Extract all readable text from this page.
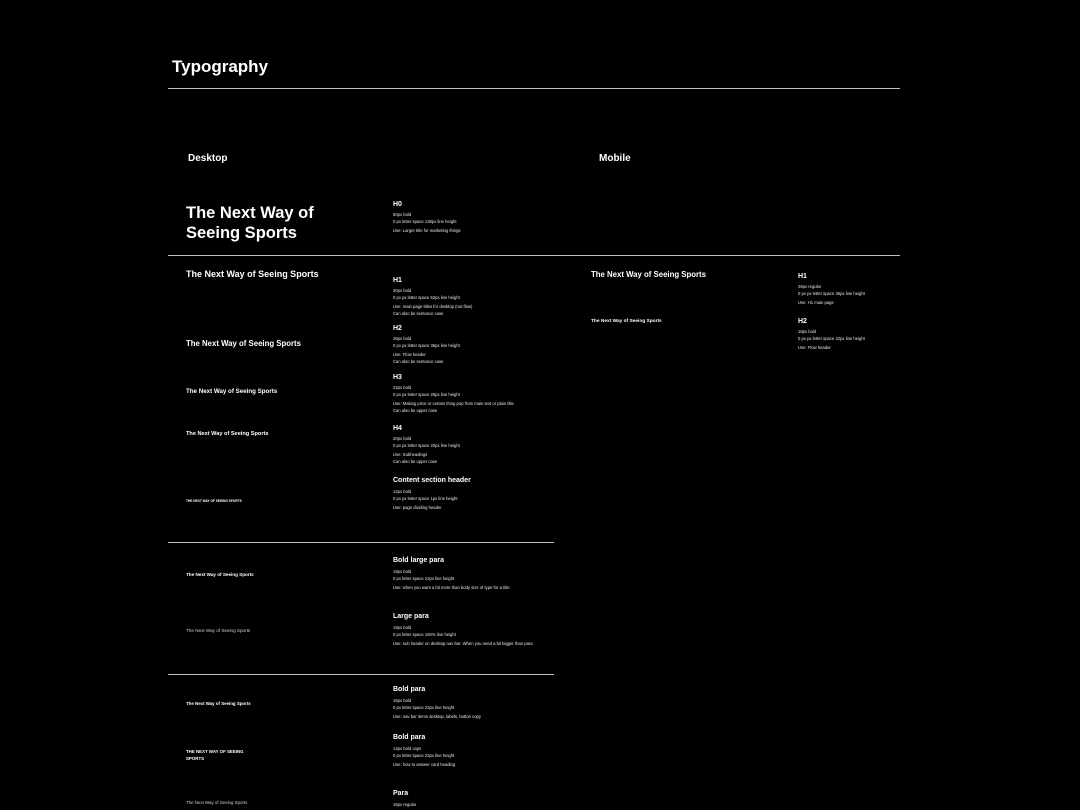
Typography
Desktop	Mobile
The Next Way of Seeing Sports
H0
50px bold
0 px letter space 138px line height
Use: Larger title for marketing things
The Next Way of Seeing Sports
The Next Way of Seeing Sports
The Next Way of Seeing Sports
The Next Way of Seeing Sports
THE NEXT WAY OF SEEING SPORTS
H1
30px bold
0 px px letter space 52px line height
Use: main page titles for desktop (not flow)
Can also be sentance case
H2
26px bold
0 px px letter space 36px line height
Use: Flow header
Can also be sentance case
H3
22px bold
0 px px letter space 26px line height
Use: Making price or certain thing pop from main text or plain title
Can also be upper case
H4
20px bold
0 px px letter space 20px line height
Use: Subheadings
Can also be upper case
Content section header
12px bold
0 px px letter space 1px line height
Use: page dividing header
The Next Way of Seeing Sports
The Next Way of Seeing Sports
H1
26px regular
0 px px letter space 36px line height
Use: H1 main page
H2
18px bold
0 px px letter space 22px line height
Use: Flow header
The Next Way of Seeing Sports
The Next Way of Seeing Sports
Bold large para
18px bold
0 px letter space 22px line height
Use: when you want a bit more than body size of type for a title
Large para
18px bold
0 px letter space 150% line height
Use: sub header on desktop nav bar. When you need a bit bigger than para
The Next Way of Seeing Sports
THE NEXT WAY OF SEEING SPORTS
The Next Way of Seeing Sports
Bold para
16px bold
0 px letter space 22px line height
Use: nav bar items desktop, labels, button copy
Bold para
14px bold caps
0 px letter space 22px line height
Use: how to answer card heading
Para
16px regular
